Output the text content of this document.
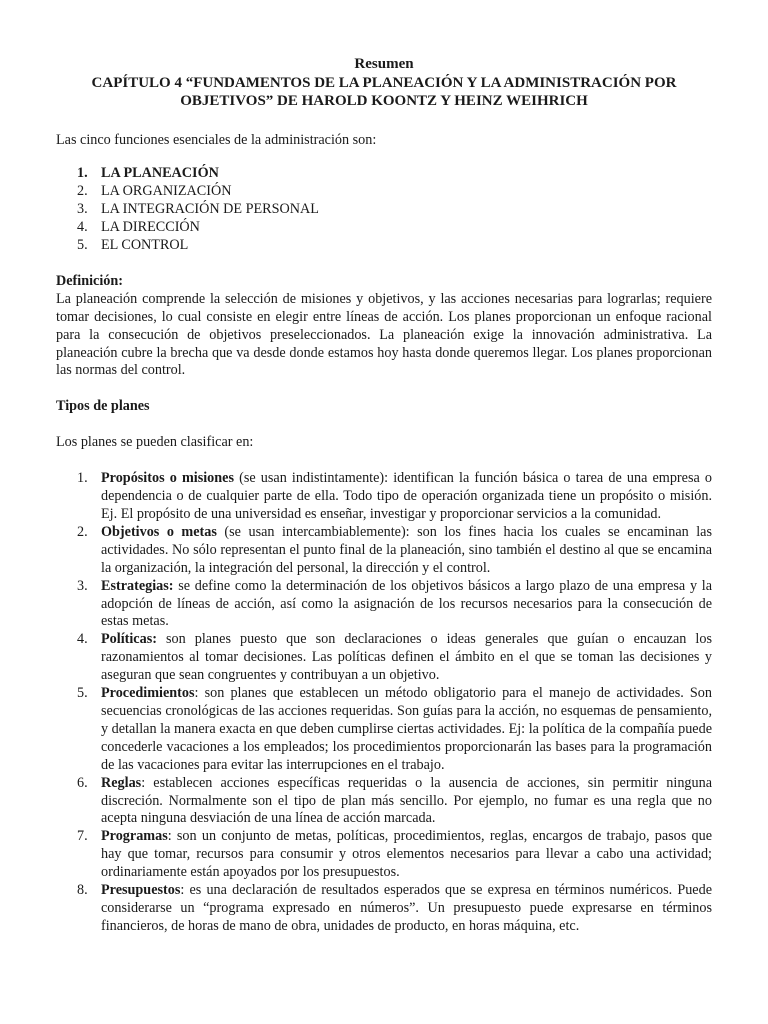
Resumen
CAPÍTULO 4 “FUNDAMENTOS DE LA PLANEACIÓN Y LA ADMINISTRACIÓN POR
OBJETIVOS” DE HAROLD KOONTZ Y HEINZ WEIHRICH
Las cinco funciones esenciales de la administración son:
1. LA PLANEACIÓN
2. LA ORGANIZACIÓN
3. LA INTEGRACIÓN DE PERSONAL
4. LA DIRECCIÓN
5. EL CONTROL
Definición:
La planeación comprende la selección de misiones y objetivos, y las acciones necesarias para lograrlas; requiere tomar decisiones, lo cual consiste en elegir entre líneas de acción. Los planes proporcionan un enfoque racional para la consecución de objetivos preseleccionados. La planeación exige la innovación administrativa. La planeación cubre la brecha que va desde donde estamos hoy hasta donde queremos llegar. Los planes proporcionan las normas del control.
Tipos de planes
Los planes se pueden clasificar en:
1. Propósitos o misiones (se usan indistintamente): identifican la función básica o tarea de una empresa o dependencia o de cualquier parte de ella. Todo tipo de operación organizada tiene un propósito o misión. Ej. El propósito de una universidad es enseñar, investigar y proporcionar servicios a la comunidad.
2. Objetivos o metas (se usan intercambiablemente): son los fines hacia los cuales se encaminan las actividades. No sólo representan el punto final de la planeación, sino también el destino al que se encamina la organización, la integración del personal, la dirección y el control.
3. Estrategias: se define como la determinación de los objetivos básicos a largo plazo de una empresa y la adopción de líneas de acción, así como la asignación de los recursos necesarios para la consecución de estas metas.
4. Políticas: son planes puesto que son declaraciones o ideas generales que guían o encauzan los razonamientos al tomar decisiones. Las políticas definen el ámbito en el que se toman las decisiones y aseguran que sean congruentes y contribuyan a un objetivo.
5. Procedimientos: son planes que establecen un método obligatorio para el manejo de actividades. Son secuencias cronológicas de las acciones requeridas. Son guías para la acción, no esquemas de pensamiento, y detallan la manera exacta en que deben cumplirse ciertas actividades. Ej: la política de la compañía puede concederle vacaciones a los empleados; los procedimientos proporcionarán las bases para la programación de las vacaciones para evitar las interrupciones en el trabajo.
6. Reglas: establecen acciones específicas requeridas o la ausencia de acciones, sin permitir ninguna discreción. Normalmente son el tipo de plan más sencillo. Por ejemplo, no fumar es una regla que no acepta ninguna desviación de una línea de acción marcada.
7. Programas: son un conjunto de metas, políticas, procedimientos, reglas, encargos de trabajo, pasos que hay que tomar, recursos para consumir y otros elementos necesarios para llevar a cabo una actividad; ordinariamente están apoyados por los presupuestos.
8. Presupuestos: es una declaración de resultados esperados que se expresa en términos numéricos. Puede considerarse un “programa expresado en números”. Un presupuesto puede expresarse en términos financieros, de horas de mano de obra, unidades de producto, en horas máquina, etc.
